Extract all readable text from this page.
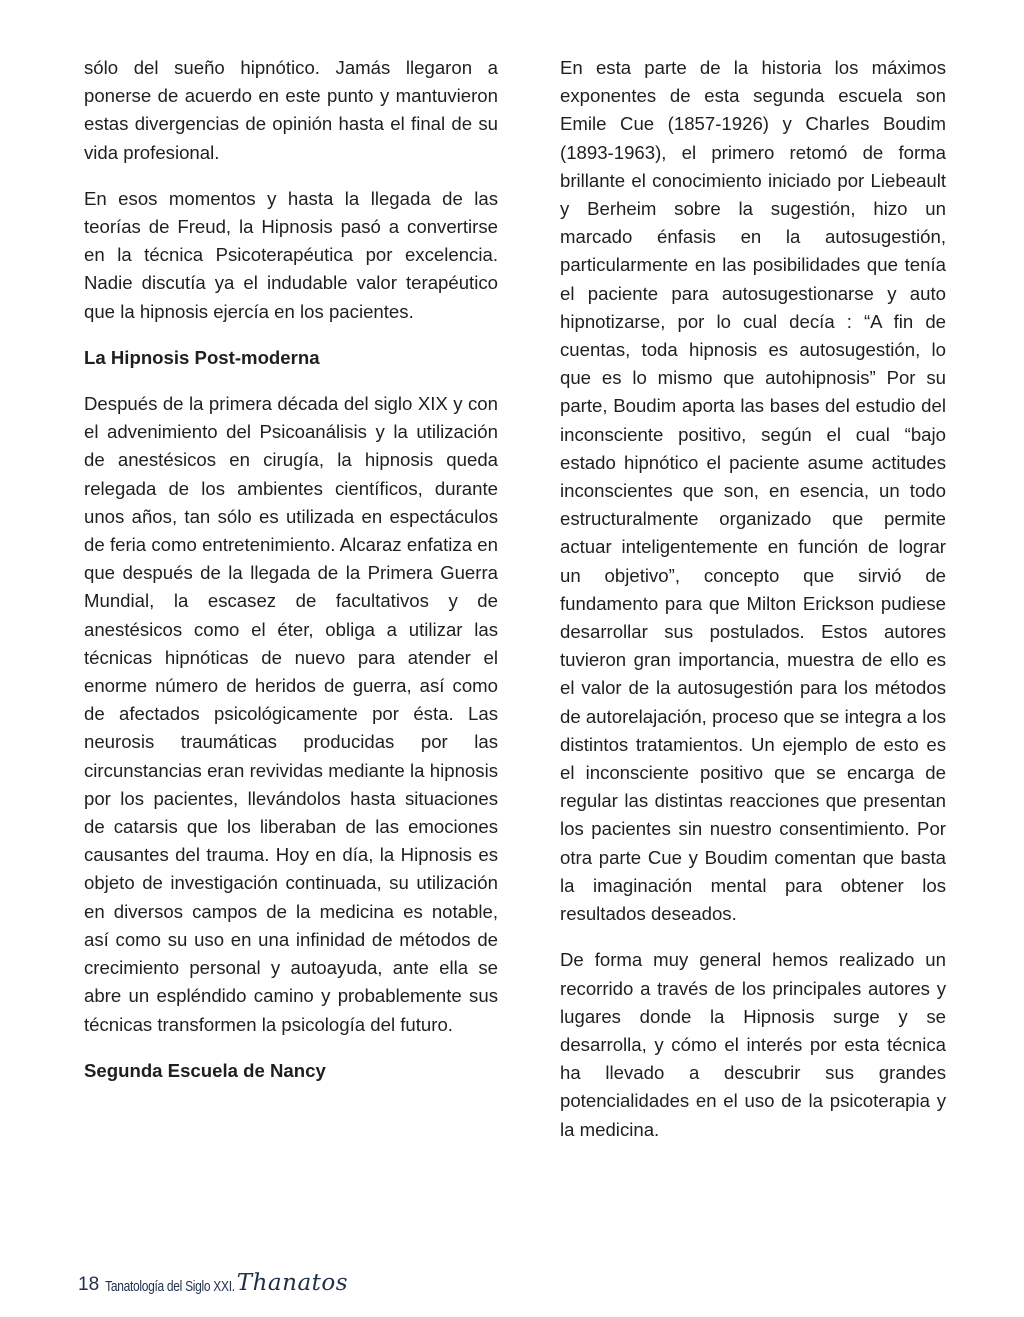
sólo del sueño hipnótico. Jamás llegaron a ponerse de acuerdo en este punto y mantuvieron estas divergencias de opinión hasta el final de su vida profesional.

En esos momentos y hasta la llegada de las teorías de Freud, la Hipnosis pasó a convertirse en la técnica Psicoterapéutica por excelencia. Nadie discutía ya el indudable valor terapéutico que la hipnosis ejercía en los pacientes.

La Hipnosis Post-moderna

Después de la primera década del siglo XIX y con el advenimiento del Psicoanálisis y la utilización de anestésicos en cirugía, la hipnosis queda relegada de los ambientes científicos, durante unos años, tan sólo es utilizada en espectáculos de feria como entretenimiento. Alcaraz enfatiza en que después de la llegada de la Primera Guerra Mundial, la escasez de facultativos y de anestésicos como el éter, obliga a utilizar las técnicas hipnóticas de nuevo para atender el enorme número de heridos de guerra, así como de afectados psicológicamente por ésta. Las neurosis traumáticas producidas por las circunstancias eran revividas mediante la hipnosis por los pacientes, llevándolos hasta situaciones de catarsis que los liberaban de las emociones causantes del trauma. Hoy en día, la Hipnosis es objeto de investigación continuada, su utilización en diversos campos de la medicina es notable, así como su uso en una infinidad de métodos de crecimiento personal y autoayuda, ante ella se abre un espléndido camino y probablemente sus técnicas transformen la psicología del futuro.

Segunda Escuela de Nancy

En esta parte de la historia los máximos exponentes de esta segunda escuela son Emile Cue (1857-1926) y Charles Boudim (1893-1963), el primero retomó de forma brillante el conocimiento iniciado por Liebeault y Berheim sobre la sugestión, hizo un marcado énfasis en la autosugestión, particularmente en las posibilidades que tenía el paciente para autosugestionarse y auto hipnotizarse, por lo cual decía : “A fin de cuentas, toda hipnosis es autosugestión, lo que es lo mismo que autohipnosis” Por su parte, Boudim aporta las bases del estudio del inconsciente positivo, según el cual “bajo estado hipnótico el paciente asume actitudes inconscientes que son, en esencia, un todo estructuralmente organizado que permite actuar inteligentemente en función de lograr un objetivo”, concepto que sirvió de fundamento para que Milton Erickson pudiese desarrollar sus postulados. Estos autores tuvieron gran importancia, muestra de ello es el valor de la autosugestión para los métodos de autorelajación, proceso que se integra a los distintos tratamientos. Un ejemplo de esto es el inconsciente positivo que se encarga de regular las distintas reacciones que presentan los pacientes sin nuestro consentimiento. Por otra parte Cue y Boudim comentan que basta la imaginación mental para obtener los resultados deseados.

De forma muy general hemos realizado un recorrido a través de los principales autores y lugares donde la Hipnosis surge y se desarrolla, y cómo el interés por esta técnica ha llevado a descubrir sus grandes potencialidades en el uso de la psicoterapia y la medicina.

18 Tanatología del Siglo XXI. Thanatos
